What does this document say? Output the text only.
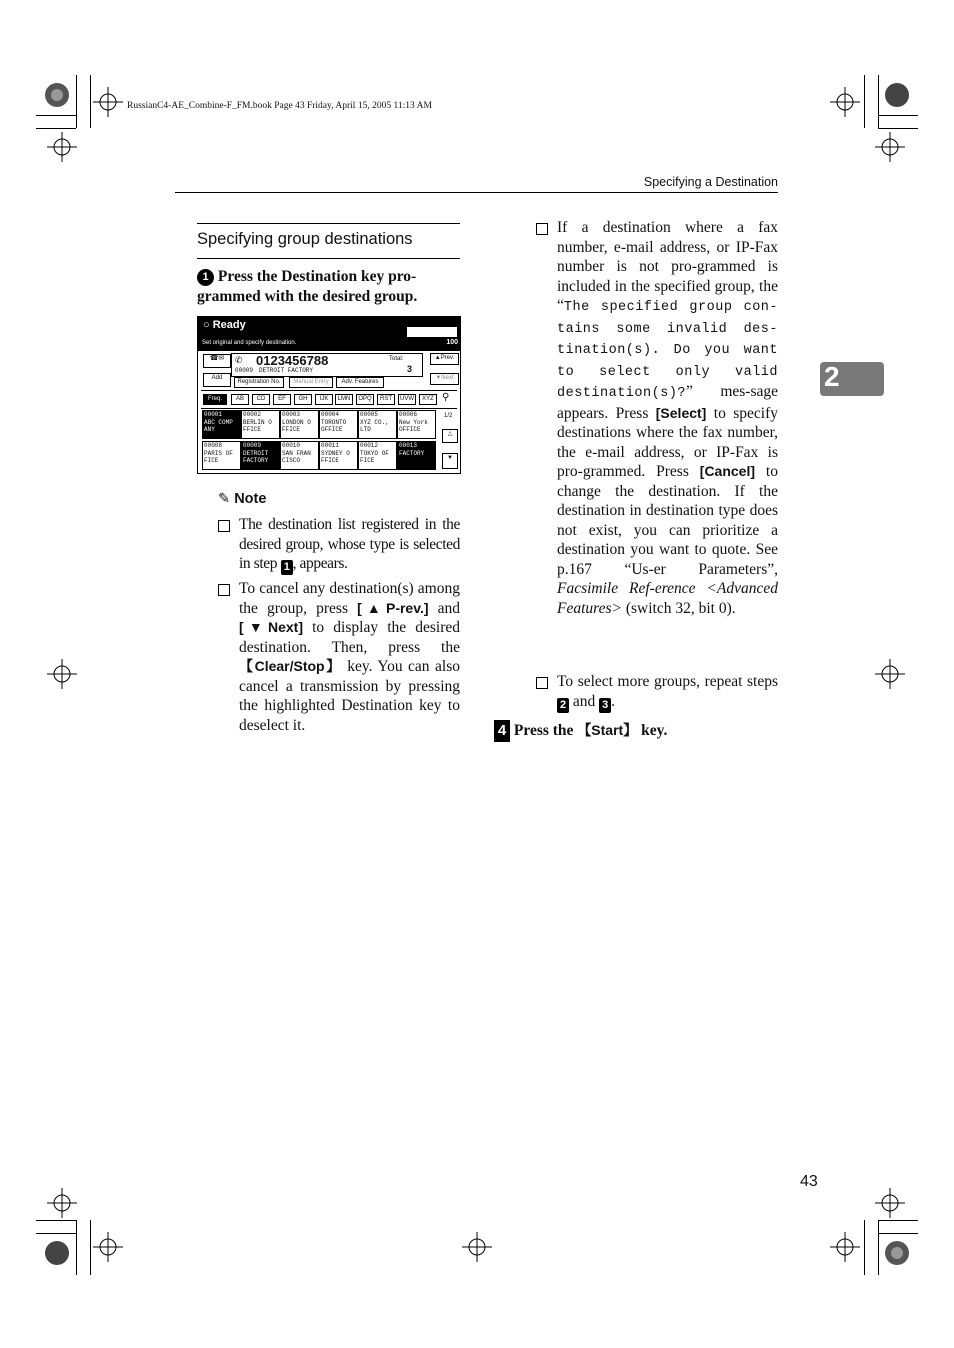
RussianC4-AE_Combine-F_FM.book Page 43 Friday, April 15, 2005 11:13 AM
Specifying a Destination
2
43
Specifying group destinations
1 Press the Destination key pro-grammed with the desired group.
○ Ready
Set original and specify destination.	100
Information
☎✉	✆ 0123456788
00009 DETROIT FACTORY
Total:
3
▲Prev.
▼Next
Add
Registration No.	Manual Entry	Adv. Features
Freq.	AB	CD	EF	GH	IJK	LMN	OPQ	RST	UVW	XYZ ⚲
00001
ABC COMP
ANY
00002
BERLIN O
FFICE
00003
LONDON O
FFICE
00004
TORONTO
OFFICE
00005
XYZ CO.,
LTD
00006
New York
OFFICE
00008
PARIS OF
FICE
00009
DETROIT
FACTORY
00010
SAN FRAN
CISCO
00011
SYDNEY O
FFICE
00012
TOKYO OF
FICE
00013
FACTORY
1/2
△
▼
✎ Note
The destination list registered in the desired group, whose type is selected in step 1 , appears.
To cancel any destination(s) among the group, press [▲P-rev.] and [▼Next] to display the desired destination. Then, press the 【Clear/Stop】 key. You can also cancel a transmission by pressing the highlighted Destination key to deselect it.
If a destination where a fax number, e-mail address, or IP-Fax number is not pro-grammed is included in the specified group, the “The specified group con-tains some invalid des-tination(s). Do you want to select only valid destination(s)?” mes-sage appears. Press [Select] to specify destinations where the fax number, the e-mail address, or IP-Fax is pro-grammed. Press [Cancel] to change the destination. If the destination in destination type does not exist, you can prioritize a destination you want to quote. See p.167 “Us-er Parameters”, Facsimile Ref-erence <Advanced Features> (switch 32, bit 0).
To select more groups, repeat steps 2 and 3 .
4 Press the 【Start】 key.
